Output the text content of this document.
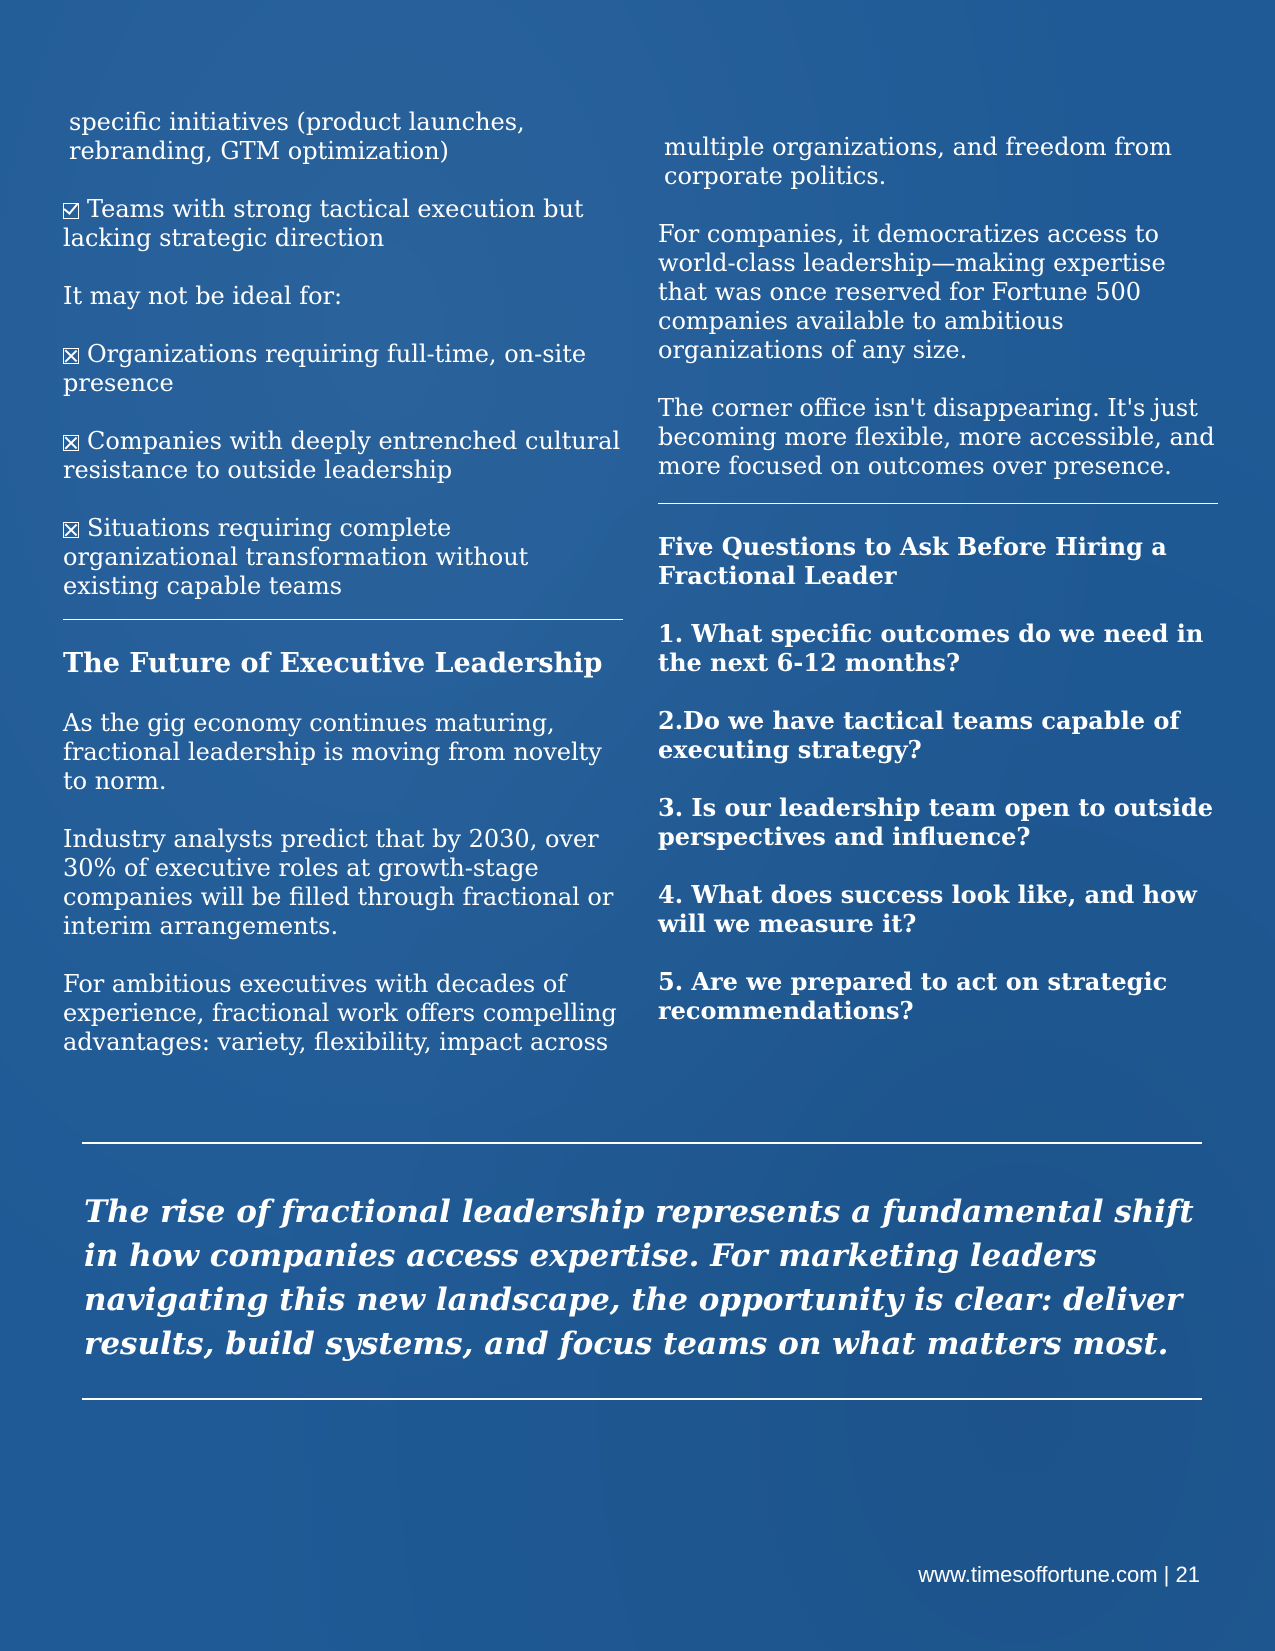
specific initiatives (product launches, rebranding, GTM optimization)

Teams with strong tactical execution but lacking strategic direction

It may not be ideal for:

Organizations requiring full-time, on-site presence

Companies with deeply entrenched cultural resistance to outside leadership

Situations requiring complete organizational transformation without existing capable teams

The Future of Executive Leadership

As the gig economy continues maturing, fractional leadership is moving from novelty to norm.

Industry analysts predict that by 2030, over 30% of executive roles at growth-stage companies will be filled through fractional or interim arrangements.

For ambitious executives with decades of experience, fractional work offers compelling advantages: variety, flexibility, impact across

multiple organizations, and freedom from corporate politics.

For companies, it democratizes access to world-class leadership—making expertise that was once reserved for Fortune 500 companies available to ambitious organizations of any size.

The corner office isn't disappearing. It's just becoming more flexible, more accessible, and more focused on outcomes over presence.

Five Questions to Ask Before Hiring a Fractional Leader

1. What specific outcomes do we need in the next 6-12 months?

2.Do we have tactical teams capable of executing strategy?

3. Is our leadership team open to outside perspectives and influence?

4. What does success look like, and how will we measure it?

5. Are we prepared to act on strategic recommendations?

The rise of fractional leadership represents a fundamental shift in how companies access expertise. For marketing leaders navigating this new landscape, the opportunity is clear: deliver results, build systems, and focus teams on what matters most.

www.timesoffortune.com | 21
